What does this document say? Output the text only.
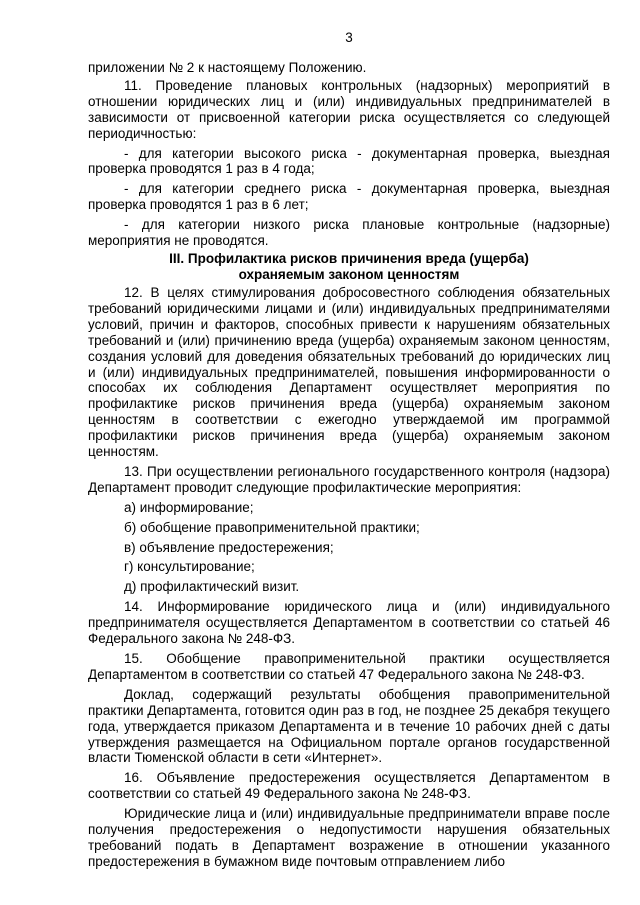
3

приложении № 2 к настоящему Положению.

11. Проведение плановых контрольных (надзорных) мероприятий в отношении юридических лиц и (или) индивидуальных предпринимателей в зависимости от присвоенной категории риска осуществляется со следующей периодичностью:

- для категории высокого риска - документарная проверка, выездная проверка проводятся 1 раз в 4 года;

- для категории среднего риска - документарная проверка, выездная проверка проводятся 1 раз в 6 лет;

- для категории низкого риска плановые контрольные (надзорные) мероприятия не проводятся.

III. Профилактика рисков причинения вреда (ущерба)
охраняемым законом ценностям

12. В целях стимулирования добросовестного соблюдения обязательных требований юридическими лицами и (или) индивидуальных предпринимателями условий, причин и факторов, способных привести к нарушениям обязательных требований и (или) причинению вреда (ущерба) охраняемым законом ценностям, создания условий для доведения обязательных требований до юридических лиц и (или) индивидуальных предпринимателей, повышения информированности о способах их соблюдения Департамент осуществляет мероприятия по профилактике рисков причинения вреда (ущерба) охраняемым законом ценностям в соответствии с ежегодно утверждаемой им программой профилактики рисков причинения вреда (ущерба) охраняемым законом ценностям.

13. При осуществлении регионального государственного контроля (надзора) Департамент проводит следующие профилактические мероприятия:

а) информирование;

б) обобщение правоприменительной практики;

в) объявление предостережения;

г) консультирование;

д) профилактический визит.

14. Информирование юридического лица и (или) индивидуального предпринимателя осуществляется Департаментом в соответствии со статьей 46 Федерального закона № 248-ФЗ.

15. Обобщение правоприменительной практики осуществляется Департаментом в соответствии со статьей 47 Федерального закона № 248-ФЗ.

Доклад, содержащий результаты обобщения правоприменительной практики Департамента, готовится один раз в год, не позднее 25 декабря текущего года, утверждается приказом Департамента и в течение 10 рабочих дней с даты утверждения размещается на Официальном портале органов государственной власти Тюменской области в сети «Интернет».

16. Объявление предостережения осуществляется Департаментом в соответствии со статьей 49 Федерального закона № 248-ФЗ.

Юридические лица и (или) индивидуальные предприниматели вправе после получения предостережения о недопустимости нарушения обязательных требований подать в Департамент возражение в отношении указанного предостережения в бумажном виде почтовым отправлением либо
